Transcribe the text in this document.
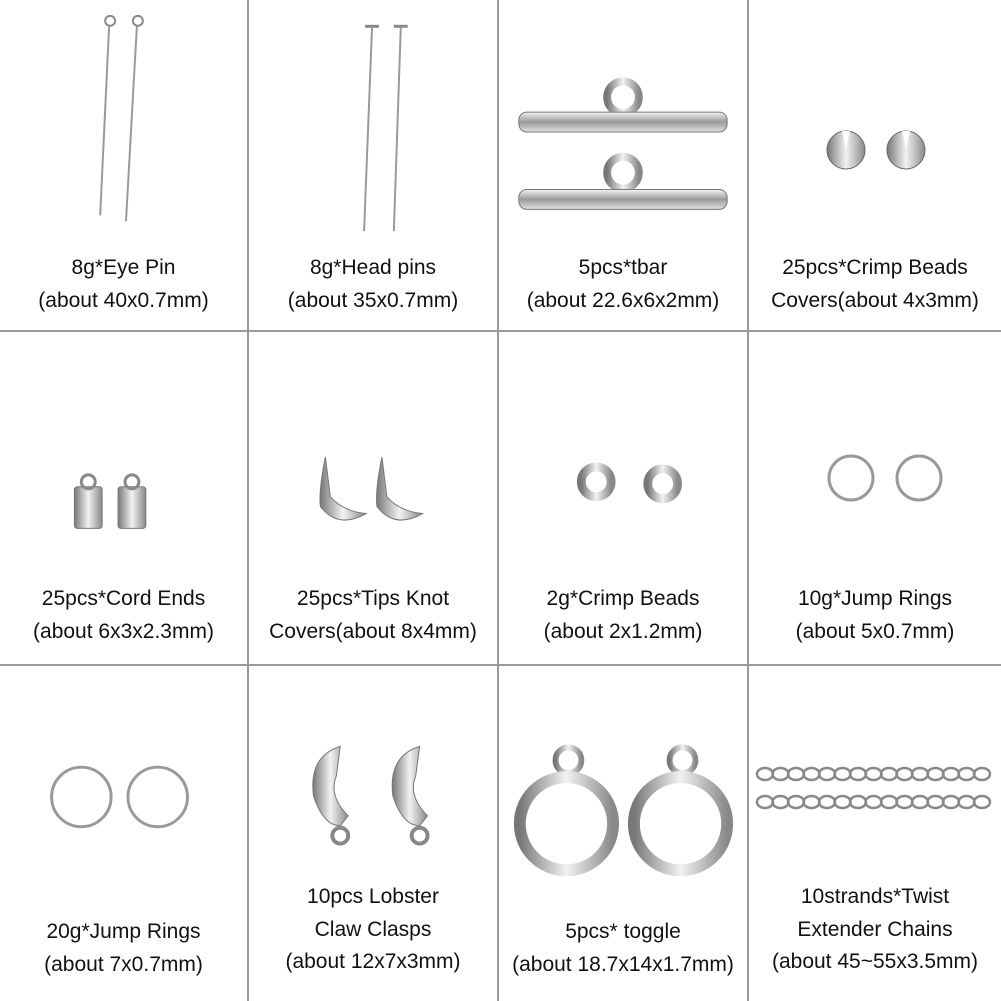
8g*Eye Pin
(about 40x0.7mm)
8g*Head pins
(about 35x0.7mm)
5pcs*tbar
(about 22.6x6x2mm)
25pcs*Crimp Beads
Covers(about 4x3mm)
25pcs*Cord Ends
(about 6x3x2.3mm)
25pcs*Tips Knot
Covers(about 8x4mm)
2g*Crimp Beads
(about 2x1.2mm)
10g*Jump Rings
(about 5x0.7mm)
20g*Jump Rings
(about 7x0.7mm)
10pcs Lobster
Claw Clasps
(about 12x7x3mm)
5pcs* toggle
(about 18.7x14x1.7mm)
10strands*Twist
Extender Chains
(about 45~55x3.5mm)
